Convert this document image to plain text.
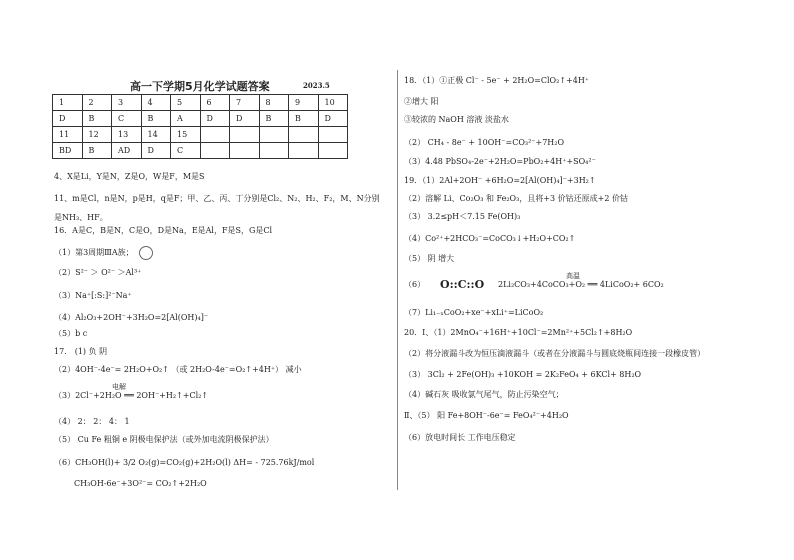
高一下学期5月化学试题答案	2023.5
1	2	3	4	5	6	7	8	9	10
D	B	C	B	A	D	D	B	B	D
11	12	13	14	15					
BD	B	AD	D	C					
4、X是Li，Y是N，Z是O，W是F，M是S
11、m是Cl，n是N，p是H，q是F；甲、乙、丙、丁分别是Cl₂、N₂、H₂、F₂，M、N分别是NH₃、HF。
16．A是C，B是N，C是O，D是Na，E是Al，F是S，G是Cl
（1）第3周期ⅢA族；
（2）S²⁻ ＞ O²⁻ ＞Al³⁺
（3）Na⁺[:S:]²⁻Na⁺
（4）Al₂O₃+2OH⁻+3H₂O=2[Al(OH)₄]⁻
（5）b c
17． (1) 负 阴
（2）4OH⁻-4e⁻= 2H₂O+O₂↑ （或 2H₂O-4e⁻=O₂↑+4H⁺） 减小
电解
（3）2Cl⁻+2H₂O ══ 2OH⁻+H₂↑+Cl₂↑
（4） 2： 2： 4： 1
（5） Cu Fe 粗铜 e 阴极电保护法（或外加电流阴极保护法）
（6）CH₃OH(l)+ 3/2 O₂(g)=CO₂(g)+2H₂O(l) ΔH= - 725.76kJ/mol
CH₃OH-6e⁻+3O²⁻= CO₂↑+2H₂O
18．（1）①正极 Cl⁻ - 5e⁻ + 2H₂O=ClO₂↑+4H⁺
②增大 阳
③较浓的 NaOH 溶液 淡盐水
（2） CH₄ - 8e⁻ + 10OH⁻=CO₃²⁻+7H₂O
（3）4.48 PbSO₄-2e⁻+2H₂O=PbO₂+4H⁺+SO₄²⁻
19．（1）2Al+2OH⁻ +6H₂O=2[Al(OH)₄]⁻+3H₂↑
（2）溶解 Li、Co₂O₃ 和 Fe₂O₃，且将+3 价钴还原成+2 价钴
（3） 3.2≤pH＜7.15 Fe(OH)₃
（4）Co²⁺+2HCO₃⁻=CoCO₃↓+H₂O+CO₂↑
（5） 阴 增大
（6） O::C::O 2Li₂CO₃+4CoCO₃+O₂ ══ 4LiCoO₂+ 6CO₂
高温
（7）Li₁₋ₓCoO₂+xe⁻+xLi⁺=LiCoO₂
20．Ⅰ、（1）2MnO₄⁻+16H⁺+10Cl⁻=2Mn²⁺+5Cl₂↑+8H₂O
（2）将分液漏斗改为恒压滴液漏斗（或者在分液漏斗与圆底烧瓶间连接一段橡皮管）
（3） 3Cl₂ + 2Fe(OH)₃ +10KOH = 2K₂FeO₄ + 6KCl+ 8H₂O
（4）碱石灰 吸收氯气尾气，防止污染空气；
Ⅱ、（5） 阳 Fe+8OH⁻-6e⁻= FeO₄²⁻+4H₂O
（6）放电时间长 工作电压稳定
